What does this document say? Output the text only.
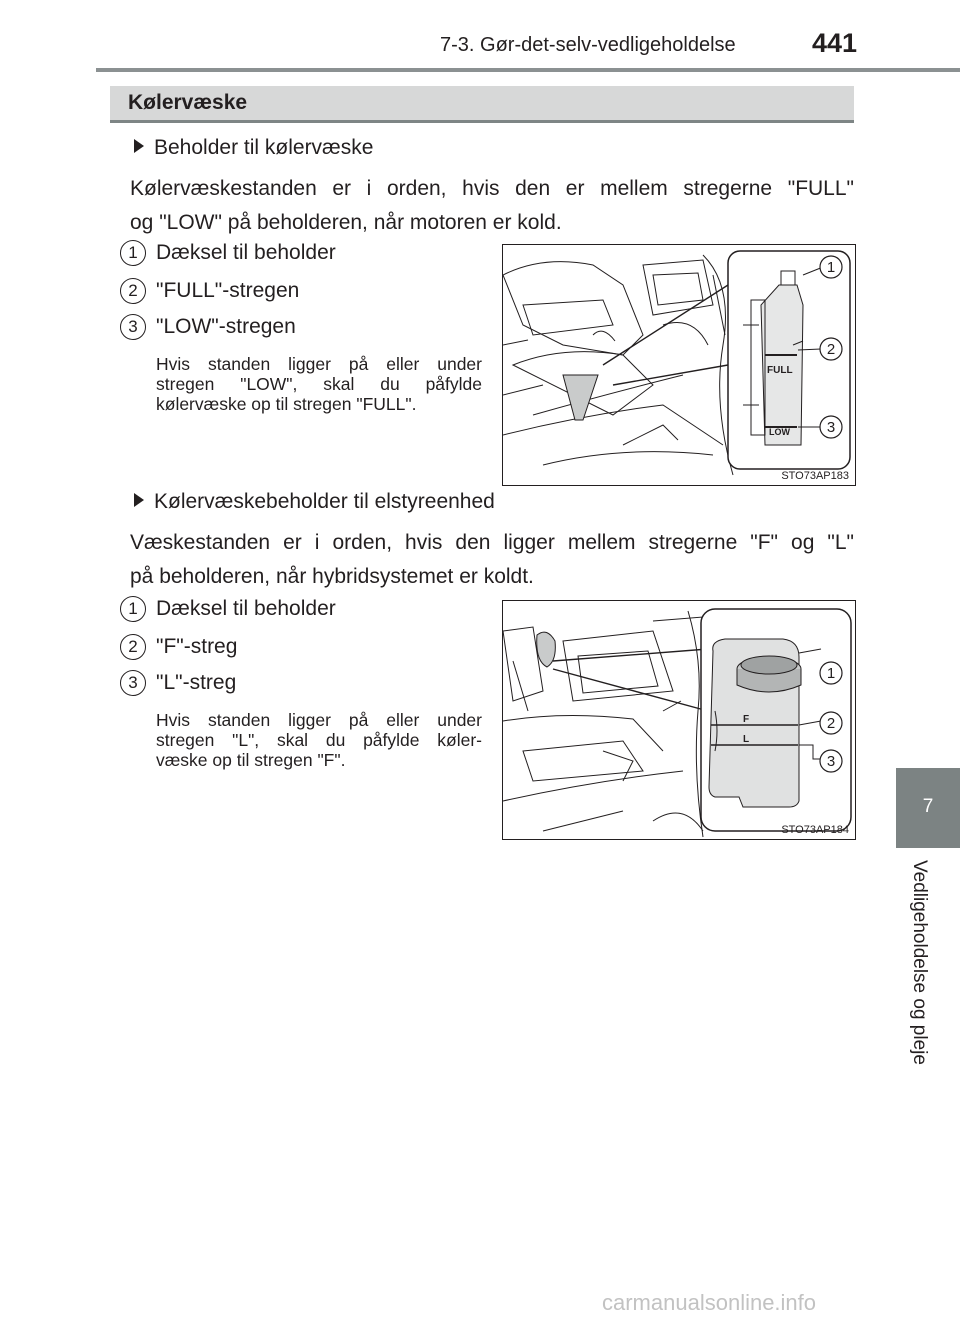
7-3. Gør-det-selv-vedligeholdelse	441
7
Vedligeholdelse og pleje
Kølervæske
Beholder til kølervæske
Kølervæskestanden er i orden, hvis den er mellem stregerne "FULL"
og "LOW" på beholderen, når motoren er kold.
1 Dæksel til beholder
2 "FULL"-stregen
3 "LOW"-stregen
Hvis standen ligger på eller under
stregen "LOW", skal du påfylde
kølervæske op til stregen "FULL".
FULL
LOW
1
2
3
STO73AP183
Kølervæskebeholder til elstyreenhed
Væskestanden er i orden, hvis den ligger mellem stregerne "F" og "L"
på beholderen, når hybridsystemet er koldt.
1 Dæksel til beholder
2 "F"-streg
3 "L"-streg
Hvis standen ligger på eller under
stregen "L", skal du påfylde køler-
væske op til stregen "F".
F
L
1
2
3
STO73AP184
carmanualsonline.info
